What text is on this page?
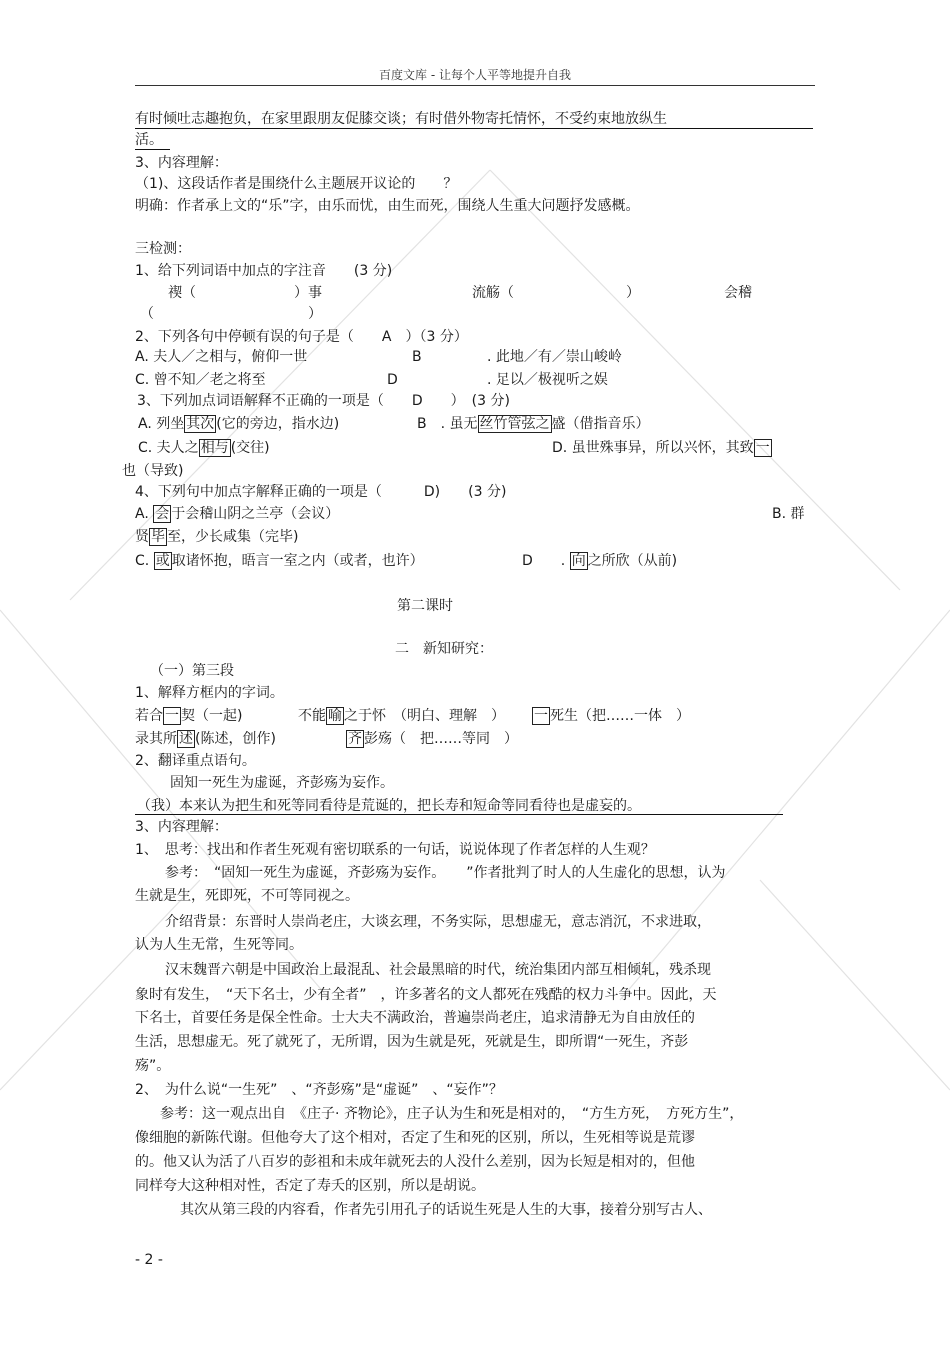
百度文库 - 让每个人平等地提升自我
有时倾吐志趣抱负，在家里跟朋友促膝交谈；有时借外物寄托情怀，不受约束地放纵生
活。
3、内容理解：
（1)、这段话作者是围绕什么主题展开议论的　　？
明确：作者承上文的“乐”字，由乐而忧，由生而死，围绕人生重大问题抒发感概。
三检测：
1、给下列词语中加点的字注音　　(3 分)
禊（　　　　　　　）事	流觞（　　　　　　　　）	会稽
（　　　　　　　　　　　）
2、下列各句中停顿有误的句子是（　　A　）（3 分）
A. 夫人／之相与，俯仰一世	B	. 此地／有／崇山峻岭
C. 曾不知／老之将至	D	. 足以／极视听之娱
3、下列加点词语解释不正确的一项是（　　D　　）　(3 分)
A. 列坐 其次 (它的旁边，指水边)	B　. 虽无 丝竹管弦之 盛（借指音乐）
C. 夫人之 相与 (交往)	D. 虽世殊事异，所以兴怀，其致 一
也（导致)
4、下列句中加点字解释正确的一项是（　　　D)　　(3 分)
A. 会 于会稽山阴之兰亭（会议）	B. 群
贤 毕 至，少长咸集（完毕)
C. 或 取诸怀抱，晤言一室之内（或者，也许）	D　　. 向 之所欣（从前)
第二课时
二　新知研究：
（一）第三段
1、解释方框内的字词。
若合 一 契（一起)	不能 喻 之于怀　（明白、理解　） 一 死生（把……一体　）
录其所 述 (陈述，创作)	齐 彭殇（　把……等同　）
2、翻译重点语句。
固知一死生为虚诞，齐彭殇为妄作。
（我）本来认为把生和死等同看待是荒诞的，把长寿和短命等同看待也是虚妄的。
3、内容理解：
1、　思考：找出和作者生死观有密切联系的一句话，说说体现了作者怎样的人生观？
参考：　“固知一死生为虚诞，齐彭殇为妄作。　　”作者批判了时人的人生虚化的思想，认为
生就是生，死即死，不可等同视之。
介绍背景：东晋时人崇尚老庄，大谈玄理，不务实际，思想虚无，意志消沉，不求进取，
认为人生无常，生死等同。
汉末魏晋六朝是中国政治上最混乱、社会最黑暗的时代，统治集团内部互相倾轧，残杀现
象时有发生，　“天下名士，少有全者”　，许多著名的文人都死在残酷的权力斗争中。因此，天
下名士，首要任务是保全性命。士大夫不满政治，普遍崇尚老庄，追求清静无为自由放任的
生活，思想虚无。死了就死了，无所谓，因为生就是死，死就是生，即所谓“一死生，齐彭
殇”。
2、　为什么说“一生死”　、“齐彭殇”是“虚诞”　、“妄作”？
参考：这一观点出自　《庄子· 齐物论》，庄子认为生和死是相对的，　“方生方死，　方死方生”，
像细胞的新陈代谢。但他夸大了这个相对，否定了生和死的区别，所以，生死相等说是荒谬
的。他又认为活了八百岁的彭祖和未成年就死去的人没什么差别，因为长短是相对的，但他
同样夸大这种相对性，否定了寿夭的区别，所以是胡说。
其次从第三段的内容看，作者先引用孔子的话说生死是人生的大事，接着分别写古人、
- 2 -
